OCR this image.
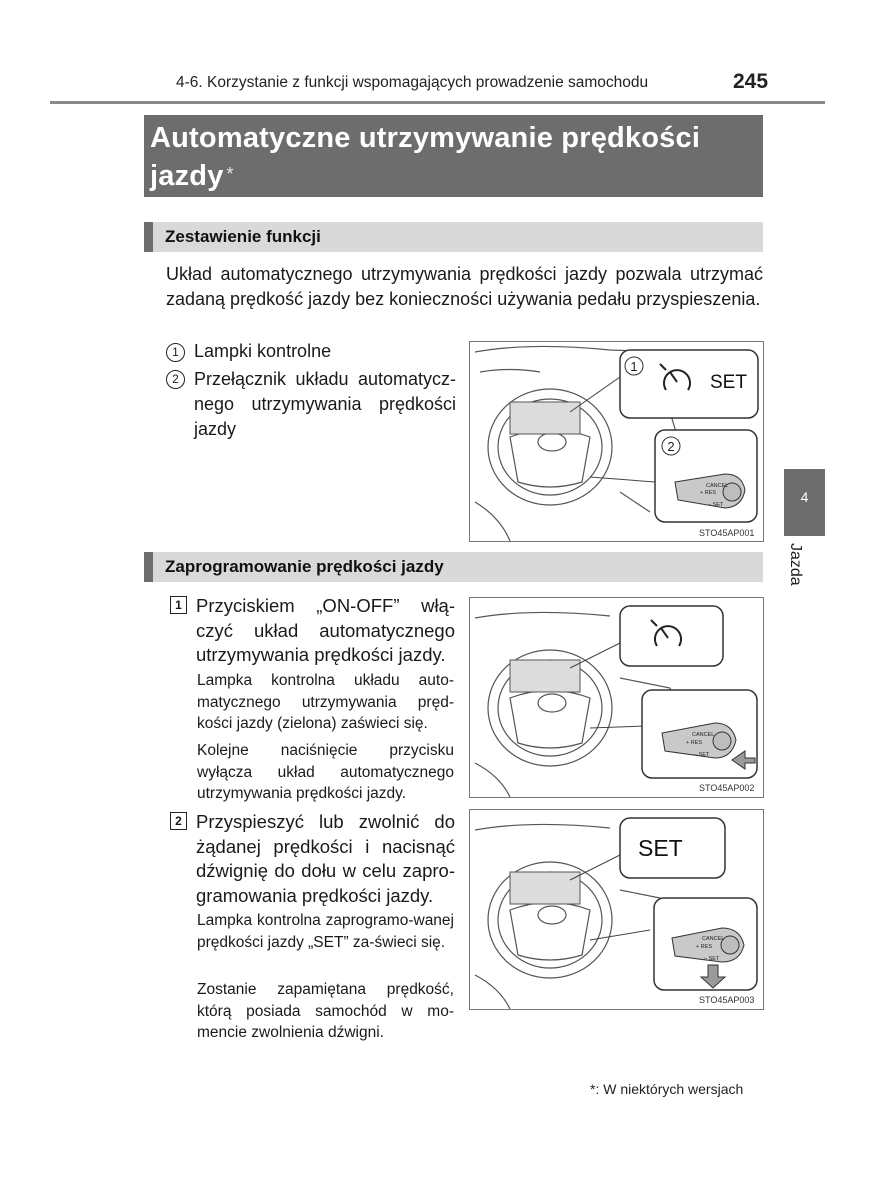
4-6. Korzystanie z funkcji wspomagających prowadzenie samochodu	245
Automatyczne utrzymywanie prędkości
jazdy *
Zestawienie funkcji
Układ automatycznego utrzymywania prędkości jazdy pozwala utrzymać zadaną prędkość jazdy bez konieczności używania pedału przyspieszenia.
1 Lampki kontrolne
2 Przełącznik układu automatycz-nego utrzymywania prędkości jazdy
1
SET
2
CANCEL
+ RES
– SET
STO45AP001
Zaprogramowanie prędkości jazdy
1 Przyciskiem „ON-OFF” włą-czyć układ automatycznego utrzymywania prędkości jazdy.
Lampka kontrolna układu auto-matycznego utrzymywania pręd-kości jazdy (zielona) zaświeci się.
Kolejne naciśnięcie przycisku wyłącza układ automatycznego utrzymywania prędkości jazdy.
CANCEL
+ RES
– SET
STO45AP002
2 Przyspieszyć lub zwolnić do żądanej prędkości i nacisnąć dźwignię do dołu w celu zapro-gramowania prędkości jazdy.
Lampka kontrolna zaprogramo-wanej prędkości jazdy „SET” za-świeci się.
Zostanie zapamiętana prędkość, którą posiada samochód w mo-mencie zwolnienia dźwigni.
SET
CANCEL
+ RES
– SET
STO45AP003
4
Jazda
*: W niektórych wersjach
